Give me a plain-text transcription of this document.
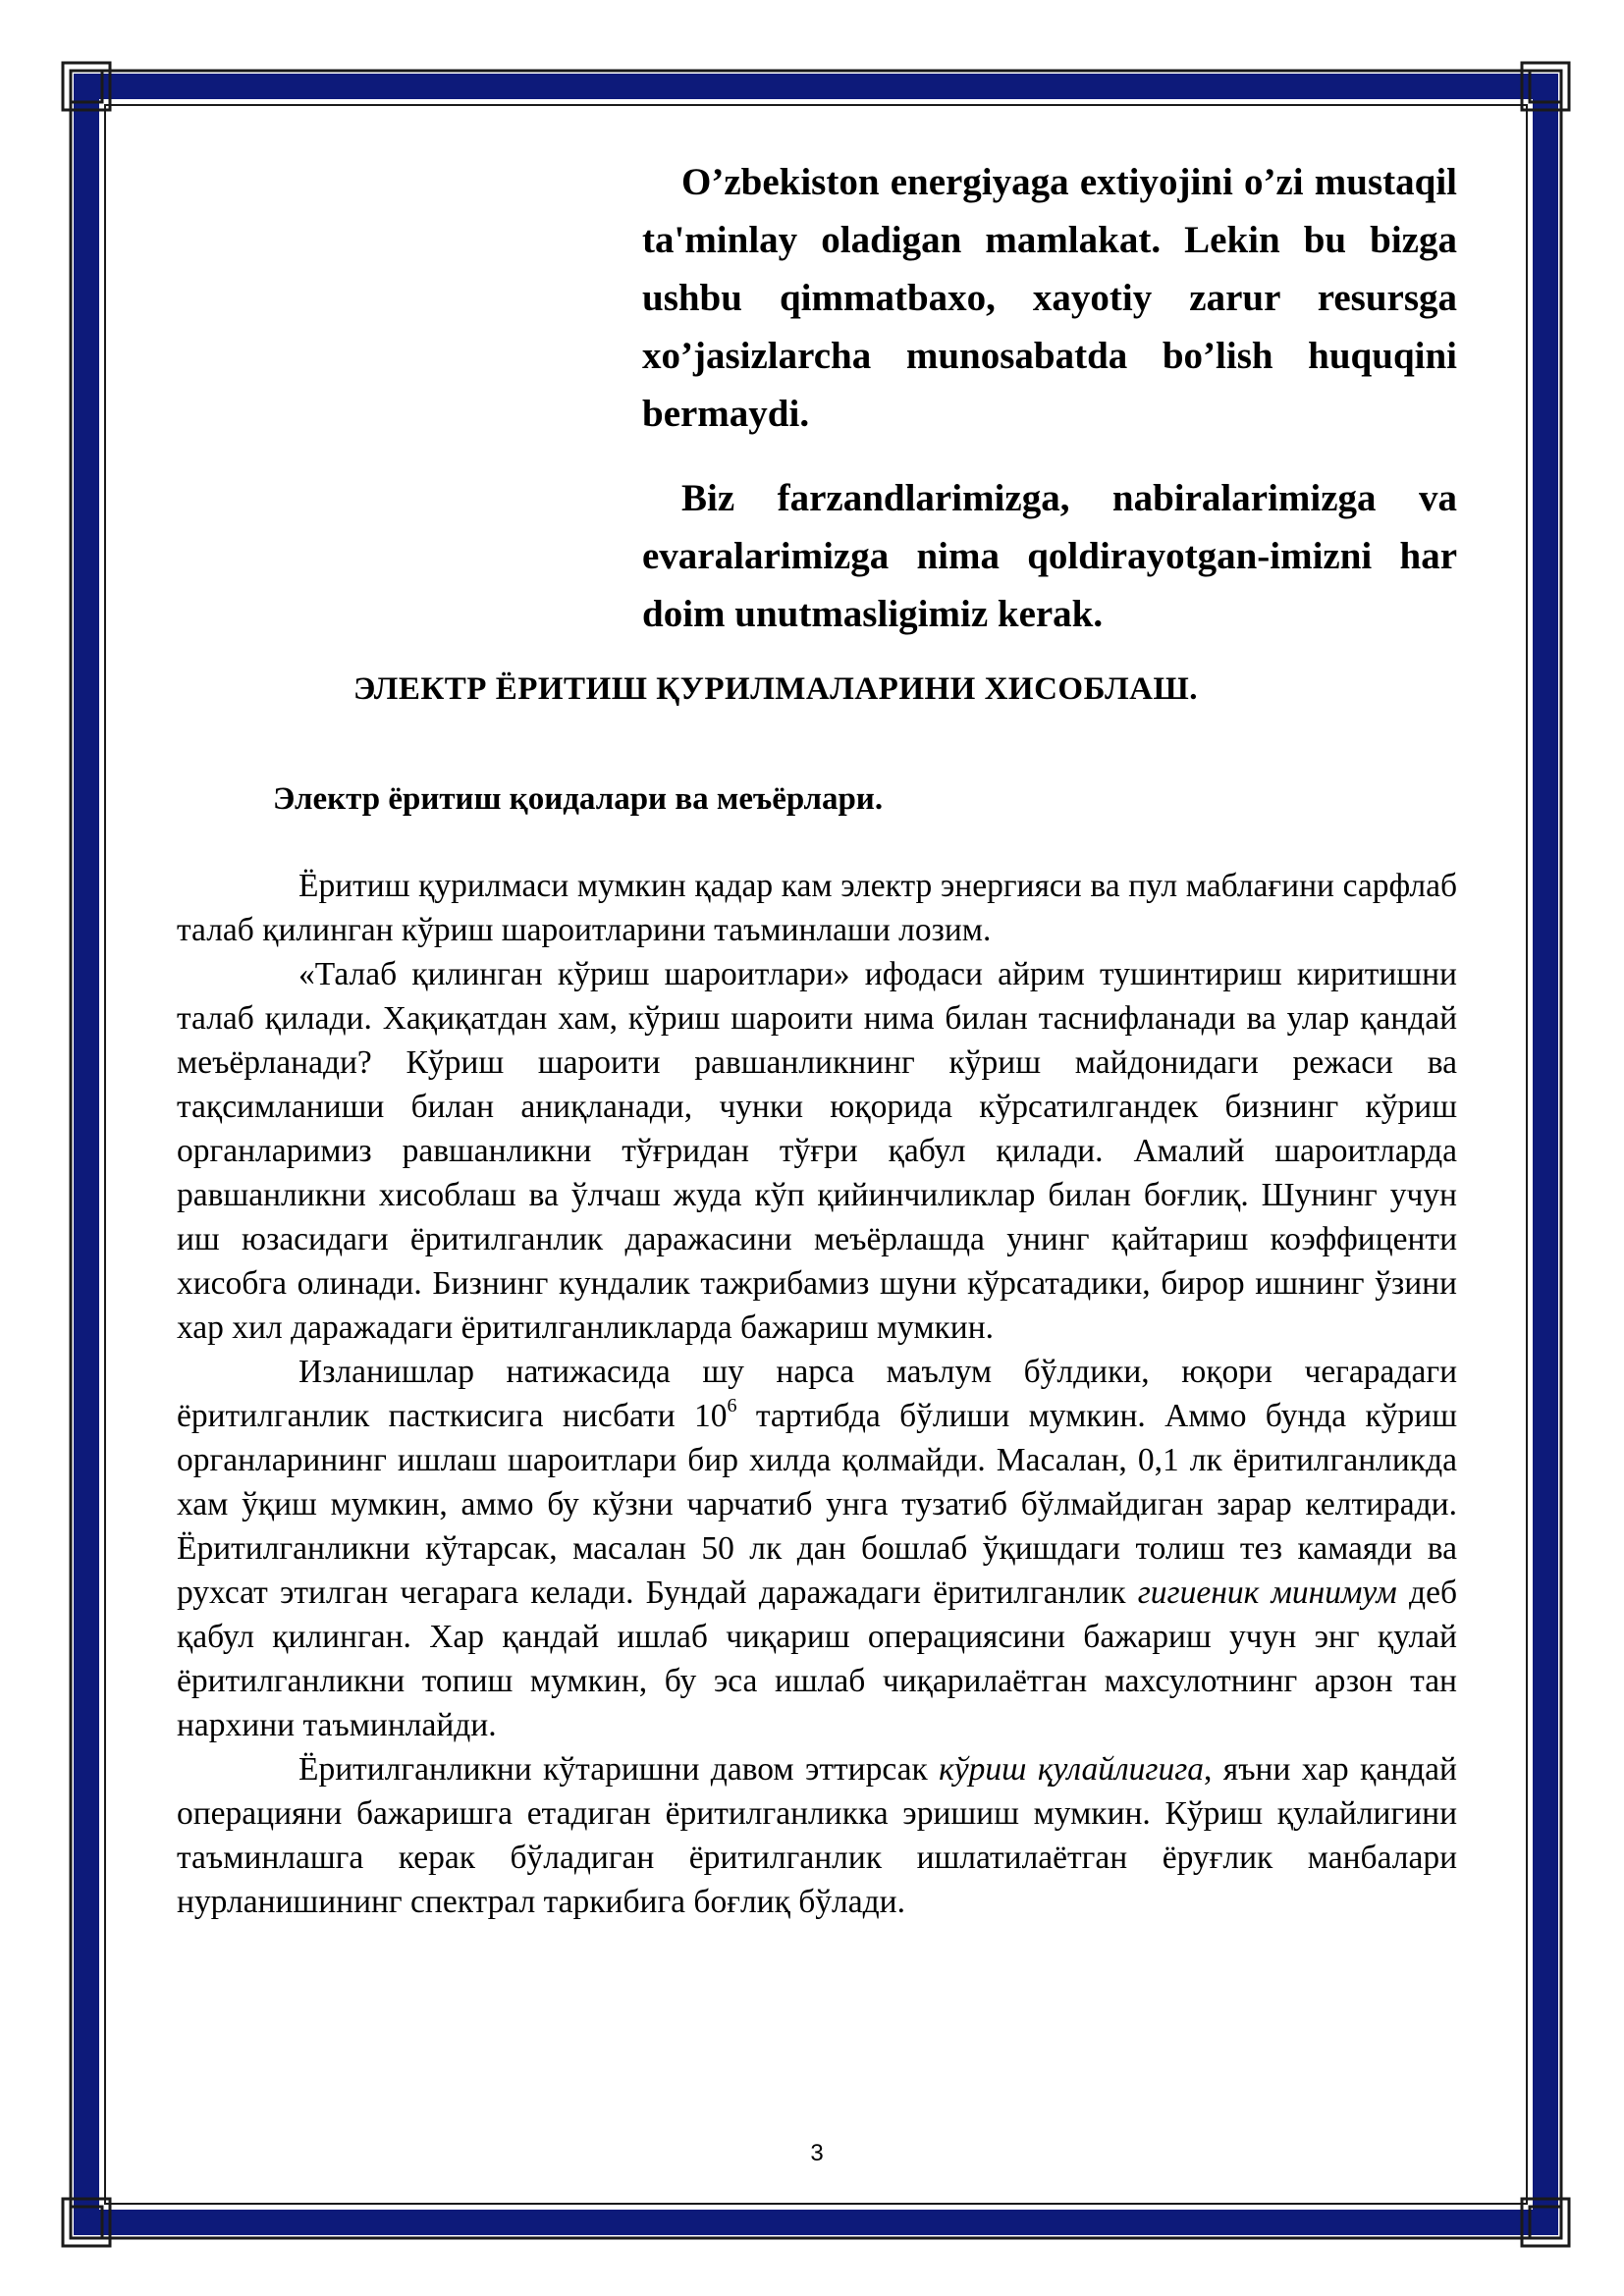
O’zbekiston energiyaga extiyojini o’zi mustaqil ta'minlay oladigan mamlakat. Lekin bu bizga ushbu qimmatbaxo, xayotiy zarur resursga xo’jasizlarcha munosabatda bo’lish huquqini bermaydi.

Biz farzandlarimizga, nabiralarimizga va evaralarimizga nima qoldirayotgan-imizni har doim unutmasligimiz kerak.

ЭЛЕКТР ЁРИТИШ ҚУРИЛМАЛАРИНИ ХИСОБЛАШ.
Электр ёритиш қоидалари ва меъёрлари.

Ёритиш қурилмаси мумкин қадар кам электр энергияси ва пул маблағини сарфлаб талаб қилинган кўриш шароитларини таъминлаши лозим.

«Талаб қилинган кўриш шароитлари» ифодаси айрим тушинтириш киритишни талаб қилади. Хақиқатдан хам, кўриш шароити нима билан таснифланади ва улар қандай меъёрланади? Кўриш шароити равшанликнинг кўриш майдонидаги режаси ва тақсимланиши билан аниқланади, чунки юқорида кўрсатилгандек бизнинг кўриш органларимиз равшанликни тўғридан тўғри қабул қилади. Амалий шароитларда равшанликни хисоблаш ва ўлчаш жуда кўп қийинчиликлар билан боғлиқ. Шунинг учун иш юзасидаги ёритилганлик даражасини меъёрлашда унинг қайтариш коэффиценти хисобга олинади. Бизнинг кундалик тажрибамиз шуни кўрсатадики, бирор ишнинг ўзини хар хил даражадаги ёритилганликларда бажариш мумкин.

Изланишлар натижасида шу нарса маълум бўлдики, юқори чегарадаги ёритилганлик пасткисига нисбати $10^6$ тартибда бўлиши мумкин. Аммо бунда кўриш органларининг ишлаш шароитлари бир хилда қолмайди. Масалан, 0,1 лк ёритилганликда хам ўқиш мумкин, аммо бу кўзни чарчатиб унга тузатиб бўлмайдиган зарар келтиради. Ёритилганликни кўтарсак, масалан 50 лк дан бошлаб ўқишдаги толиш тез камаяди ва рухсат этилган чегарага келади. Бундай даражадаги ёритилганлик гигиеник минимум деб қабул қилинган. Хар қандай ишлаб чиқариш операциясини бажариш учун энг қулай ёритилганликни топиш мумкин, бу эса ишлаб чиқарилаётган махсулотнинг арзон тан нархини таъминлайди.

Ёритилганликни кўтаришни давом эттирсак кўриш қулайлигига, яъни хар қандай операцияни бажаришга етадиган ёритилганликка эришиш мумкин. Кўриш қулайлигини таъминлашга керак бўладиган ёритилганлик ишлатилаётган ёруғлик манбалари нурланишининг спектрал таркибига боғлиқ бўлади.

3
